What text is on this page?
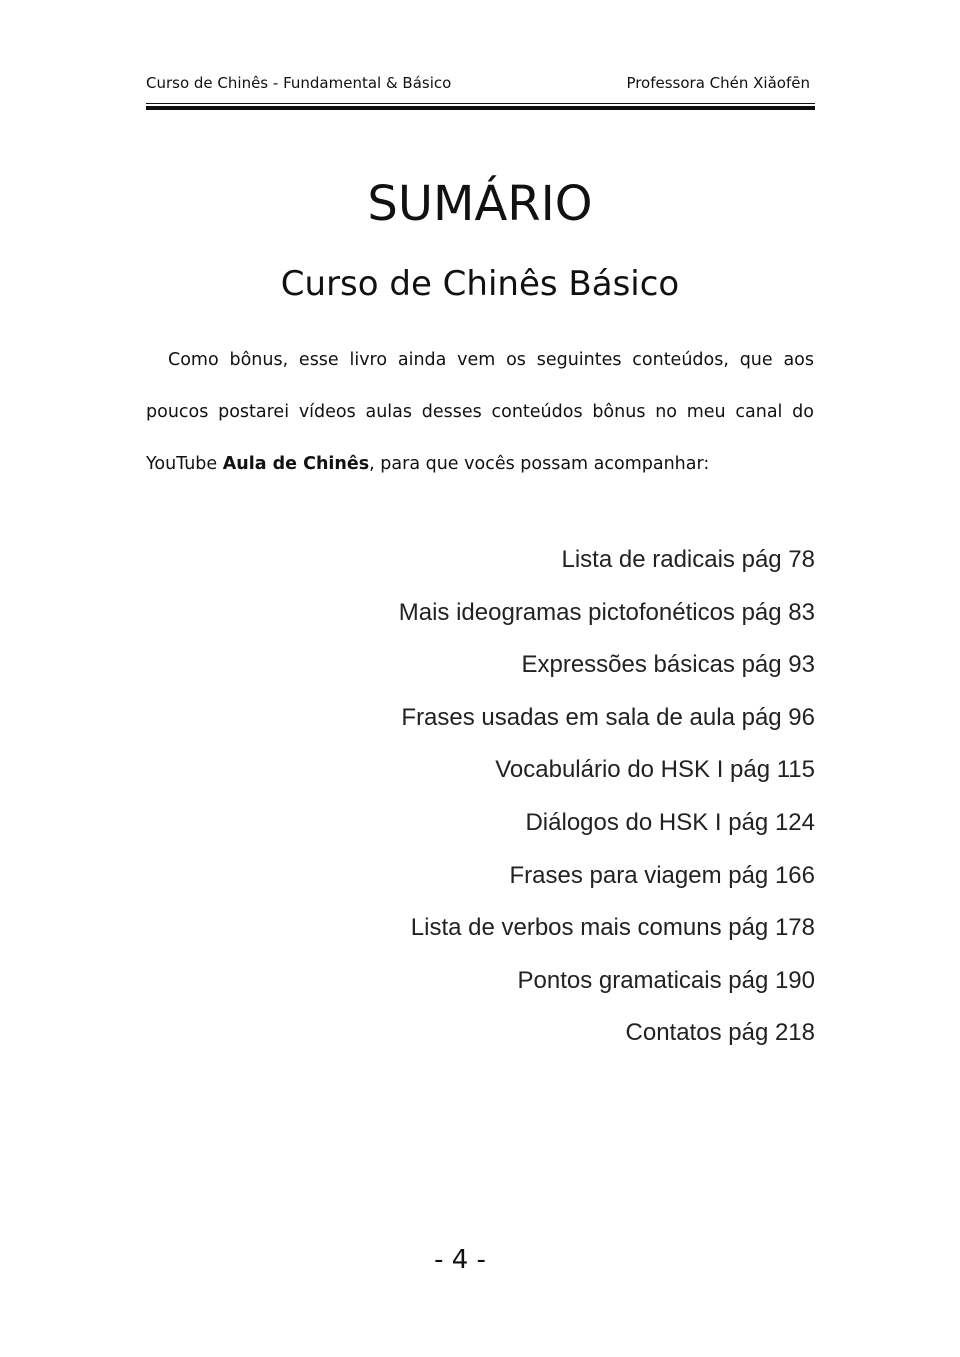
Curso de Chinês - Fundamental & Básico	Professora Chén Xiǎofēn
SUMÁRIO
Curso de Chinês Básico
Como bônus, esse livro ainda vem os seguintes conteúdos, que aos
poucos postarei vídeos aulas desses conteúdos bônus no meu canal do
YouTube Aula de Chinês, para que vocês possam acompanhar:
Lista de radicais pág 78
Mais ideogramas pictofonéticos pág 83
Expressões básicas pág 93
Frases usadas em sala de aula pág 96
Vocabulário do HSK I pág 115
Diálogos do HSK I pág 124
Frases para viagem pág 166
Lista de verbos mais comuns pág 178
Pontos gramaticais pág 190
Contatos pág 218
- 4 -
